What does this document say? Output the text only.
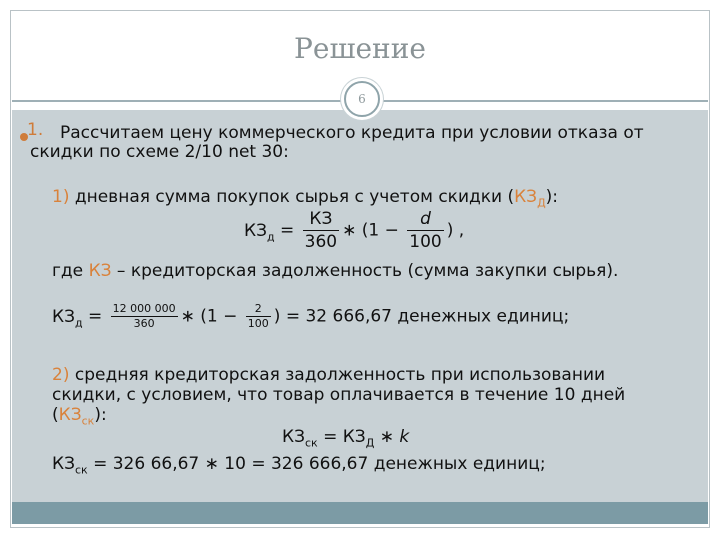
Решение
6
1. Рассчитаем цену коммерческого кредита при условии отказа от
скидки по схеме 2/10 net 30:
1) дневная сумма покупок сырья с учетом скидки $(КЗ_Д)$:
$КЗ_д = \frac{КЗ}{360}$ ∗ ($1 - \frac{d}{100}$ ) ,
где КЗ – кредиторская задолженность (сумма закупки сырья).
$КЗ_д = \frac{12 000 000}{360}$ ∗ ($1 - \frac{2}{100}$ ) = 32 666,67 денежных единиц;
2) средняя кредиторская задолженность при использовании
скидки, с условием, что товар оплачивается в течение 10 дней
$(КЗ_{ск})$:
$КЗ_{ск} = КЗ_Д$ ∗ k
$КЗ_{ск} = 326$ 66,67 ∗ 10 = 326 666,67 денежных единиц;
